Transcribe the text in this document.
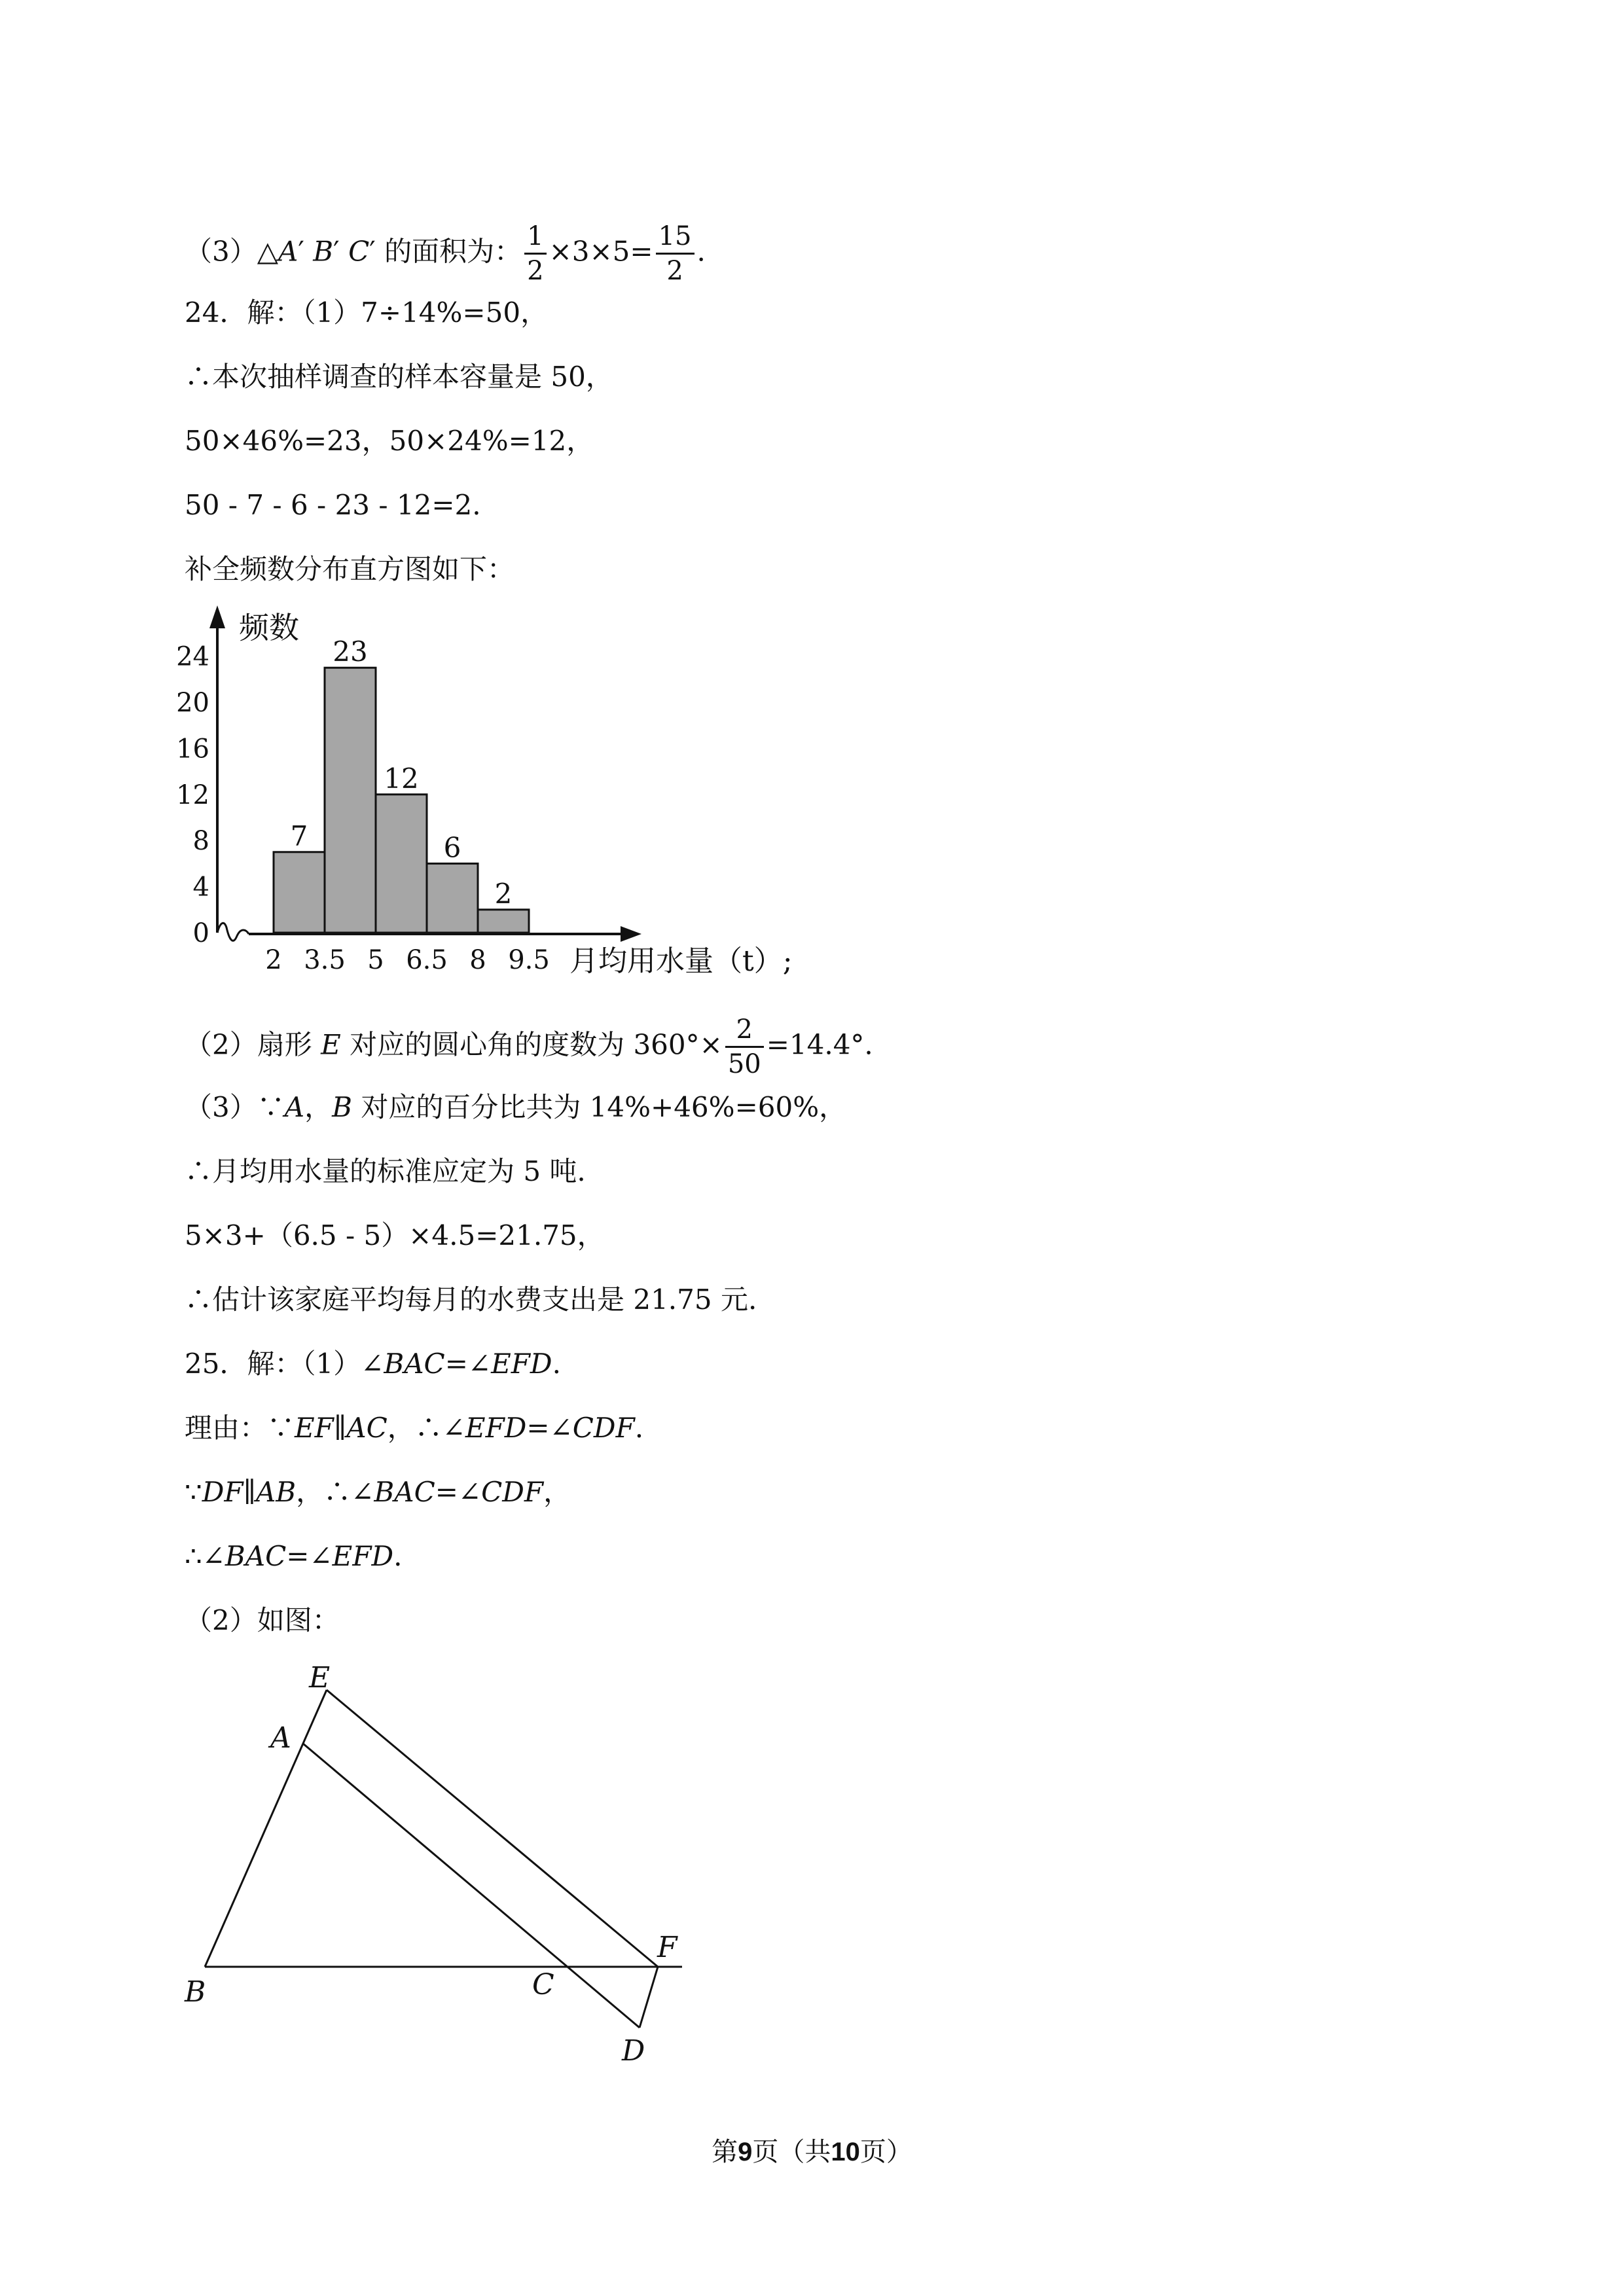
（3）△A′ B′ C′ 的面积为： $\frac{1}{2} \times 3\times 5= \frac{15}{2}$ .
24．解：（1）7÷14%=50，
∴本次抽样调查的样本容量是 50，
50×46%=23，50×24%=12，
50 - 7 - 6 - 23 - 12=2.
补全频数分布直方图如下：
频数
0
4
8
12
16
20
24
7
23
12
6
2
2 3.5 5 6.5 8 9.5 月均用水量（t）;
（2）扇形 E 对应的圆心角的度数为 $360^\circ\times \frac{2}{50} =14.4^\circ$.
（3）∵A，B 对应的百分比共为 14%+46%=60%，
∴月均用水量的标准应定为 5 吨.
5×3+（6.5 - 5）×4.5=21.75，
∴估计该家庭平均每月的水费支出是 21.75 元.
25．解：（1）∠BAC=∠EFD.
理由：∵EF∥AC，∴∠EFD=∠CDF.
∵DF∥AB，∴∠BAC=∠CDF，
∴∠BAC=∠EFD.
（2）如图：
E
A
B	C
F
D
第9页（共10页）
